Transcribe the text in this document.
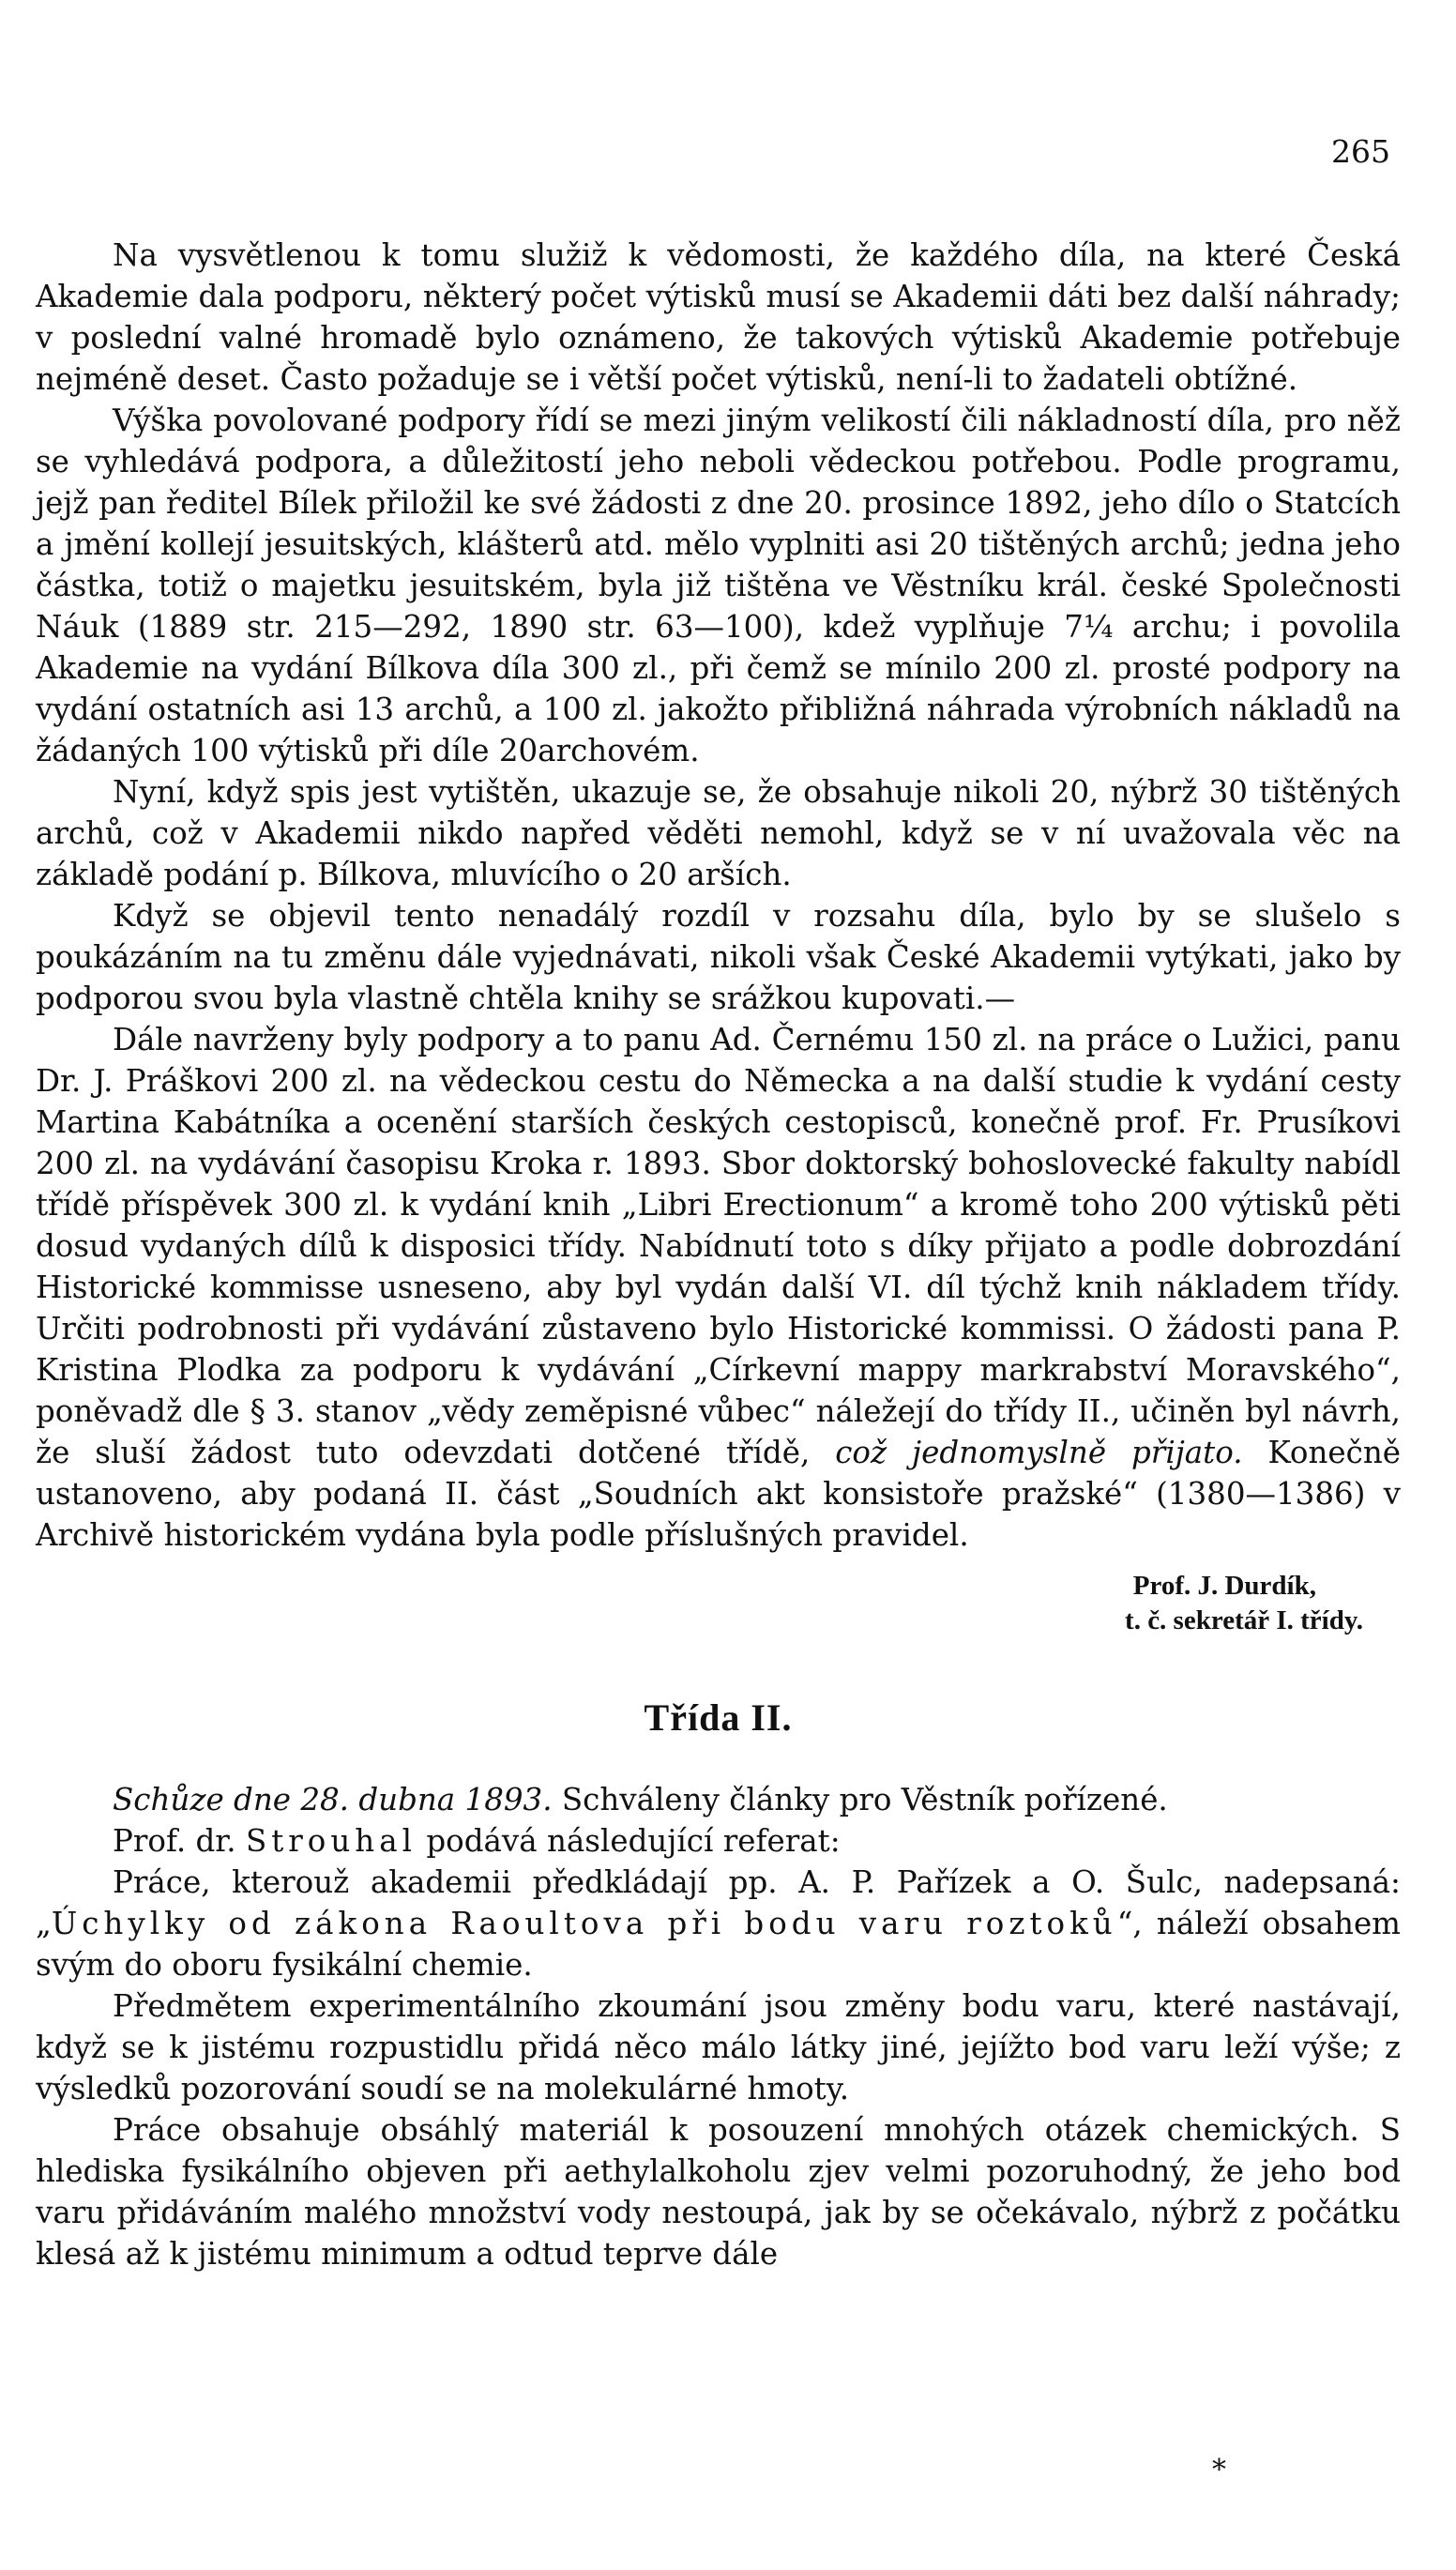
265

Na vysvětlenou k tomu služiž k vědomosti, že každého díla, na které Česká Akademie dala podporu, některý počet výtisků musí se Akademii dáti bez další náhrady; v poslední valné hromadě bylo oznámeno, že takových výtisků Akademie potřebuje nejméně deset. Často požaduje se i větší počet výtisků, není-li to žadateli obtížné.

Výška povolované podpory řídí se mezi jiným velikostí čili nákladností díla, pro něž se vyhledává podpora, a důležitostí jeho neboli vědeckou potřebou. Podle programu, jejž pan ředitel Bílek přiložil ke své žádosti z dne 20. prosince 1892, jeho dílo o Statcích a jmění kollejí jesuitských, klášterů atd. mělo vyplniti asi 20 tištěných archů; jedna jeho částka, totiž o majetku jesuitském, byla již tištěna ve Věstníku král. české Společnosti Náuk (1889 str. 215—292, 1890 str. 63—100), kdež vyplňuje 7¼ archu; i povolila Akademie na vydání Bílkova díla 300 zl., při čemž se mínilo 200 zl. prosté podpory na vydání ostatních asi 13 archů, a 100 zl. jakožto přibližná náhrada výrobních nákladů na žádaných 100 výtisků při díle 20archovém.

Nyní, když spis jest vytištěn, ukazuje se, že obsahuje nikoli 20, nýbrž 30 tištěných archů, což v Akademii nikdo napřed věděti nemohl, když se v ní uvažovala věc na základě podání p. Bílkova, mluvícího o 20 arších.

Když se objevil tento nenadálý rozdíl v rozsahu díla, bylo by se slušelo s poukázáním na tu změnu dále vyjednávati, nikoli však České Akademii vytýkati, jako by podporou svou byla vlastně chtěla knihy se srážkou kupovati.—

Dále navrženy byly podpory a to panu Ad. Černému 150 zl. na práce o Lužici, panu Dr. J. Práškovi 200 zl. na vědeckou cestu do Německa a na další studie k vydání cesty Martina Kabátníka a ocenění starších českých cestopisců, konečně prof. Fr. Prusíkovi 200 zl. na vydávání časopisu Kroka r. 1893. Sbor doktorský bohoslovecké fakulty nabídl třídě příspěvek 300 zl. k vydání knih „Libri Erectionum“ a kromě toho 200 výtisků pěti dosud vydaných dílů k disposici třídy. Nabídnutí toto s díky přijato a podle dobrozdání Historické kommisse usneseno, aby byl vydán další VI. díl týchž knih nákladem třídy. Určiti podrobnosti při vydávání zůstaveno bylo Historické kommissi. O žádosti pana P. Kristina Plodka za podporu k vydávání „Církevní mappy markrabství Moravského“, poněvadž dle § 3. stanov „vědy zeměpisné vůbec“ náležejí do třídy II., učiněn byl návrh, že sluší žádost tuto odevzdati dotčené třídě, což jednomyslně přijato. Konečně ustanoveno, aby podaná II. část „Soudních akt konsistoře pražské“ (1380—1386) v Archivě historickém vydána byla podle příslušných pravidel.

Prof. J. Durdík,
t. č. sekretář I. třídy.
Třída II.

Schůze dne 28. dubna 1893. Schváleny články pro Věstník pořízené.

Prof. dr. Strouhal podává následující referat:

Práce, kterouž akademii předkládají pp. A. P. Pařízek a O. Šulc, nadepsaná: „Úchylky od zákona Raoultova při bodu varu roztoků“, náleží obsahem svým do oboru fysikální chemie.

Předmětem experimentálního zkoumání jsou změny bodu varu, které nastávají, když se k jistému rozpustidlu přidá něco málo látky jiné, jejížto bod varu leží výše; z výsledků pozorování soudí se na molekulárné hmoty.

Práce obsahuje obsáhlý materiál k posouzení mnohých otázek chemických. S hlediska fysikálního objeven při aethylalkoholu zjev velmi pozoruhodný, že jeho bod varu přidáváním malého množství vody nestoupá, jak by se očekávalo, nýbrž z počátku klesá až k jistému minimum a odtud teprve dále

*
